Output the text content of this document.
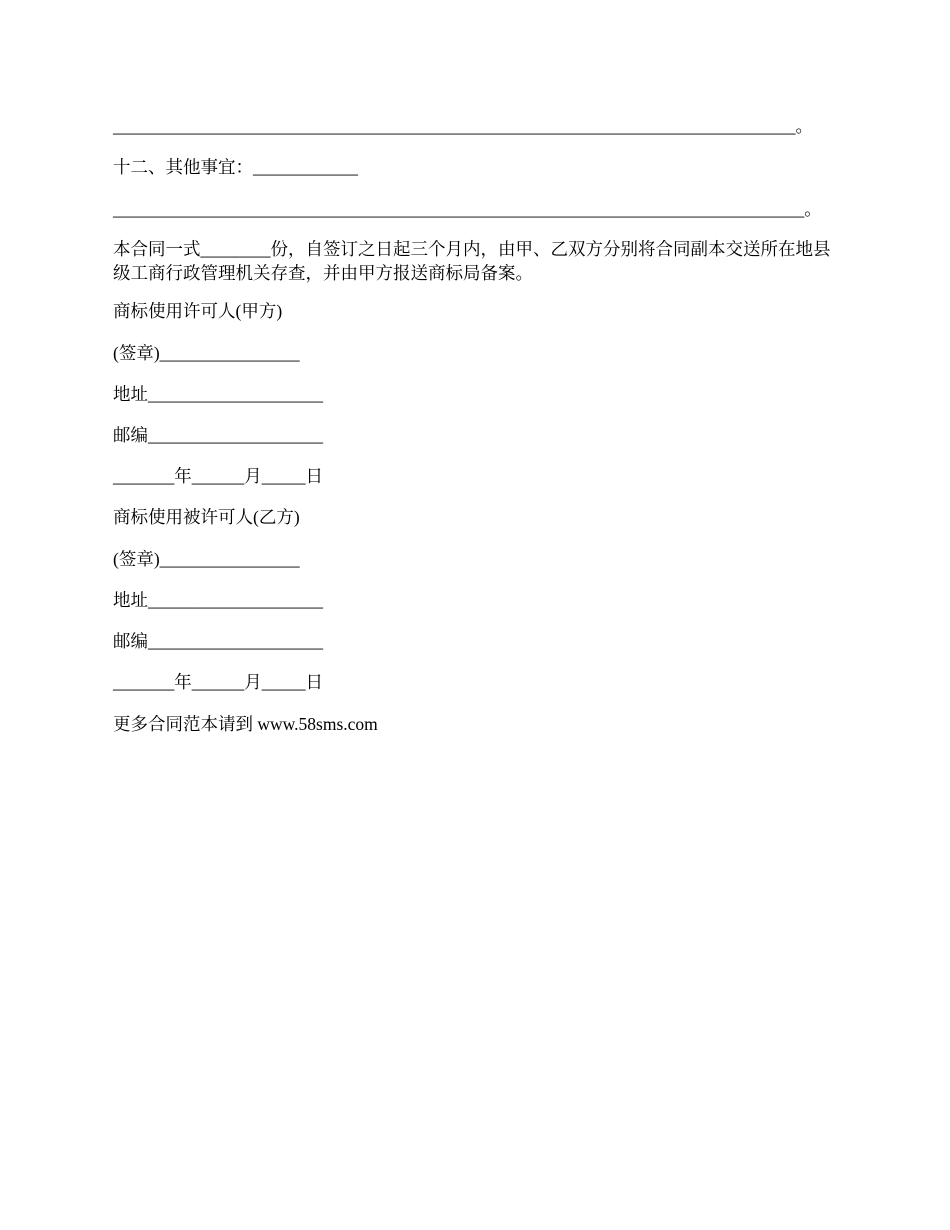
______________________________________________________________________________。
十二、其他事宜：____________
_______________________________________________________________________________。
本合同一式________份，自签订之日起三个月内，由甲、乙双方分别将合同副本交送所在地县级工商行政管理机关存查，并由甲方报送商标局备案。
商标使用许可人(甲方)
(签章)________________
地址____________________
邮编____________________
_______年______月_____日
商标使用被许可人(乙方)
(签章)________________
地址____________________
邮编____________________
_______年______月_____日
更多合同范本请到 www.58sms.com
